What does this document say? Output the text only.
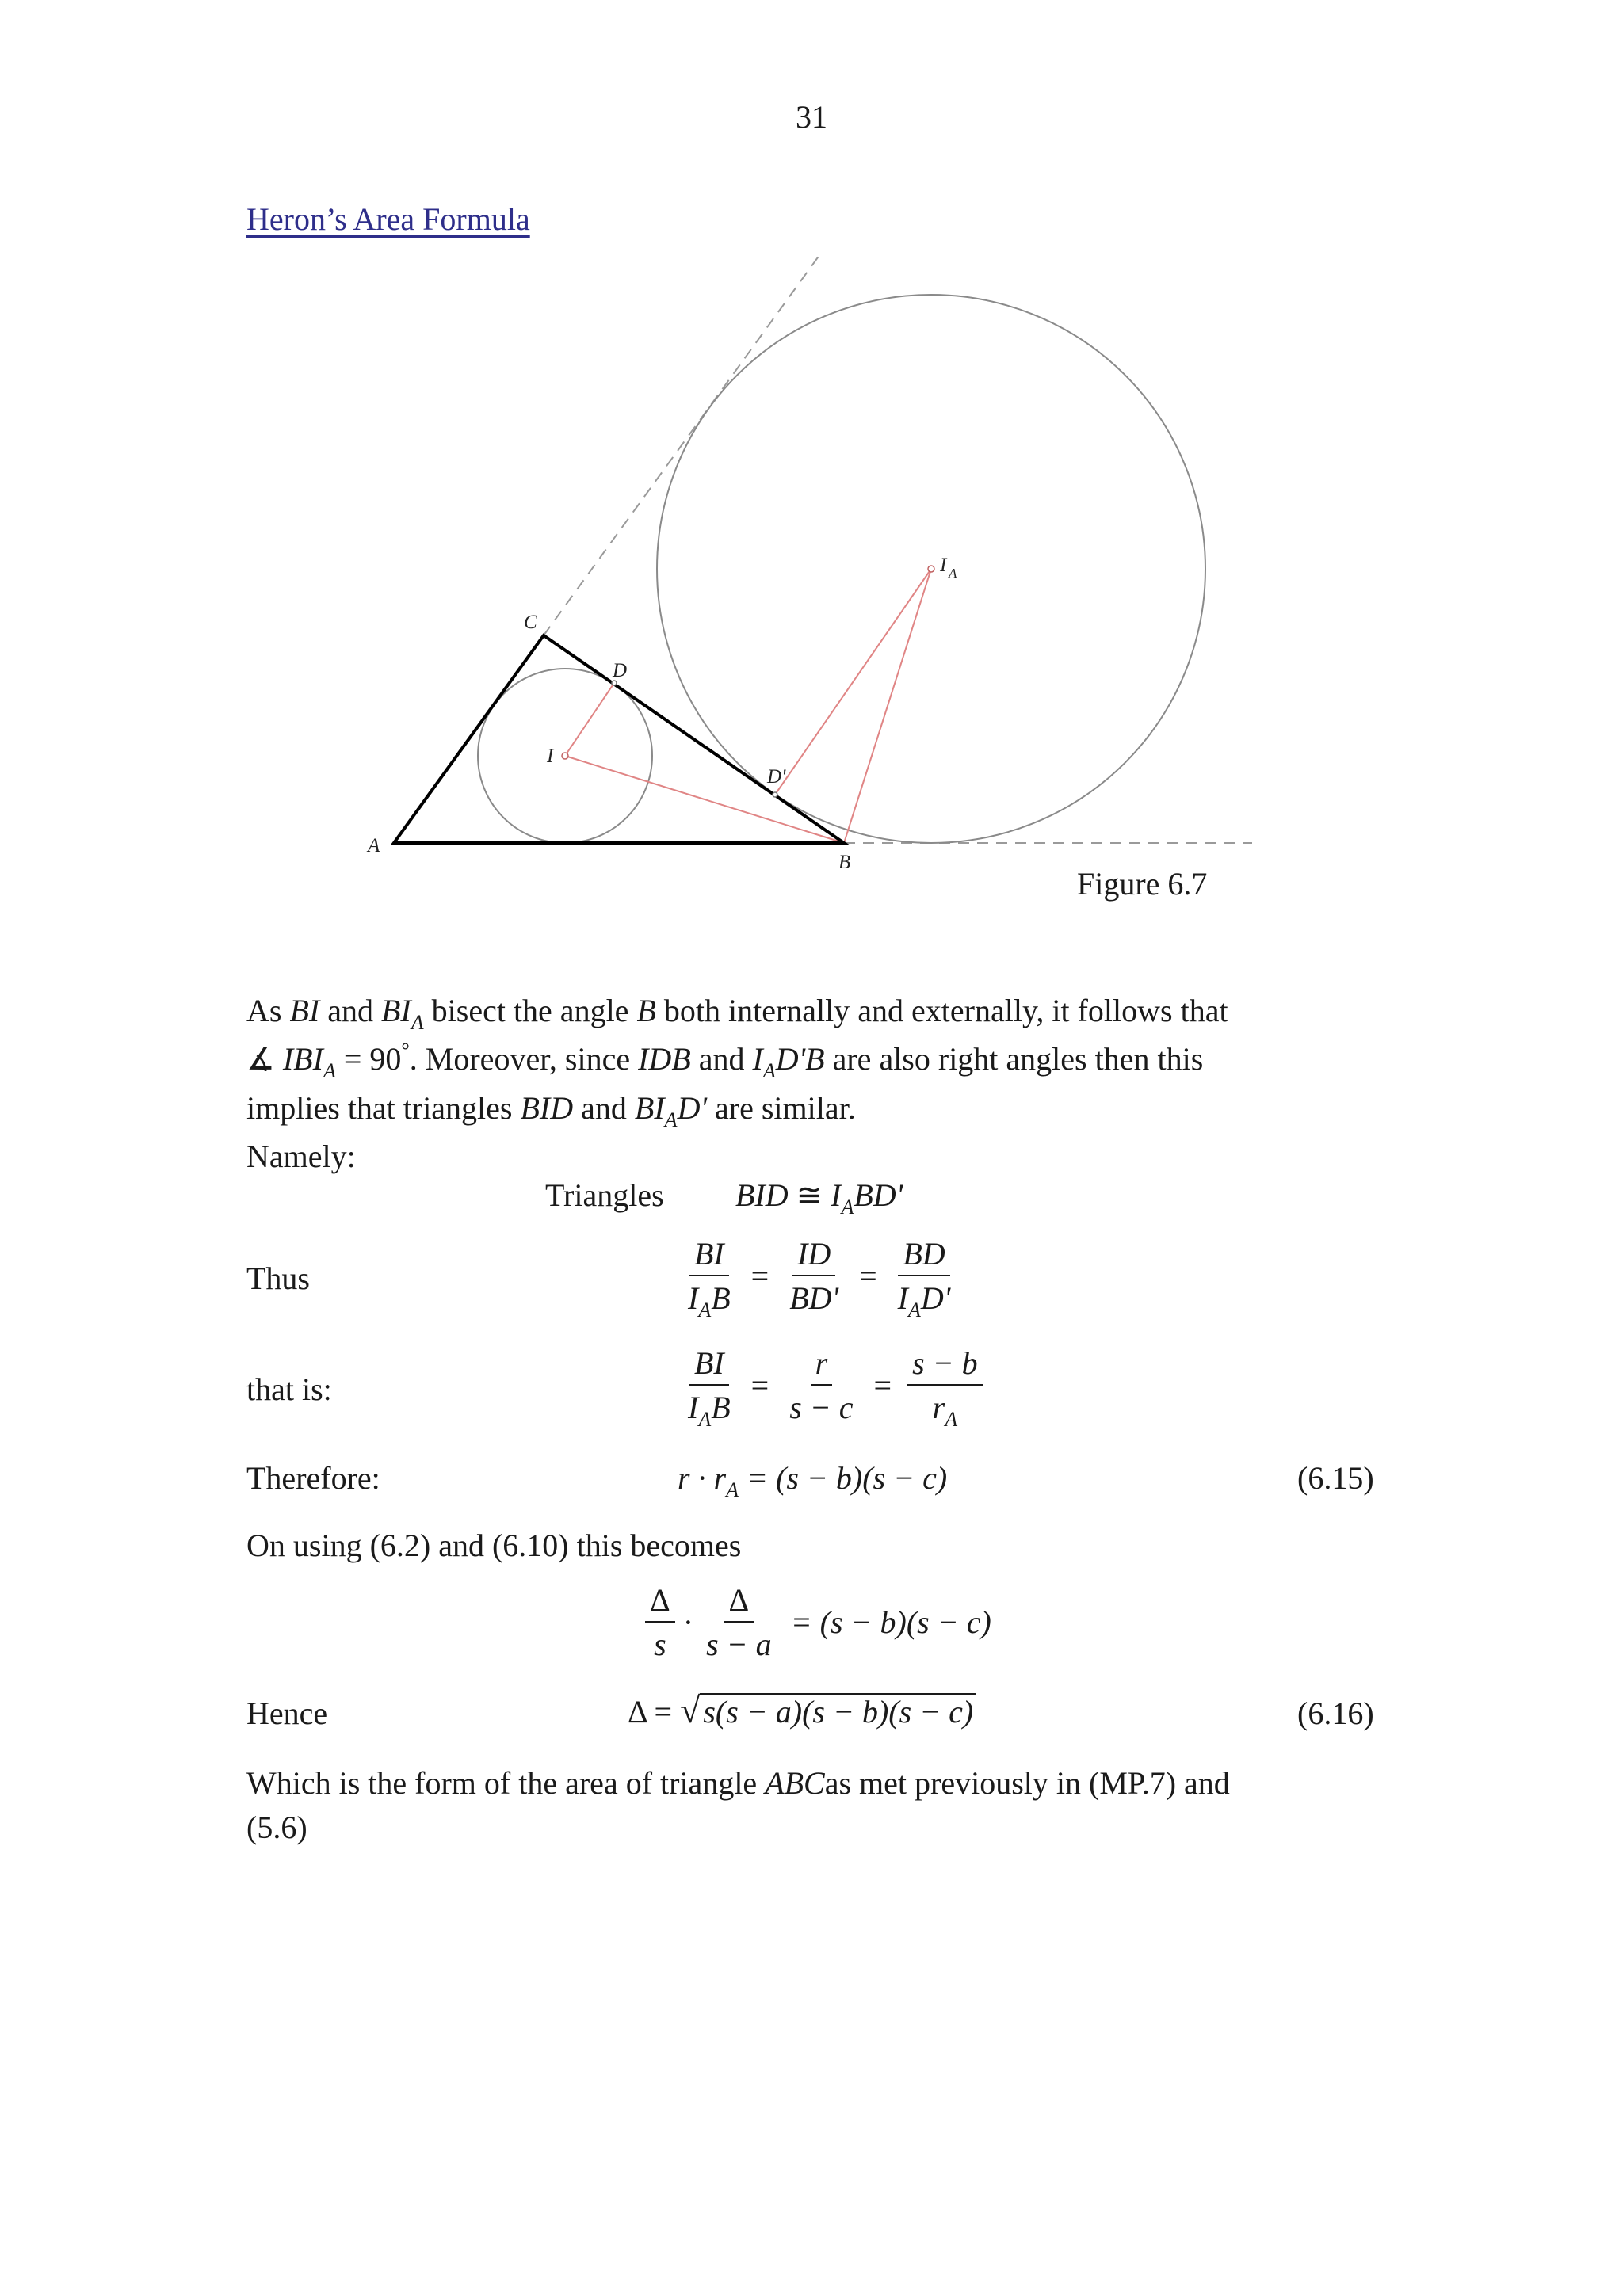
31
Heron’s Area Formula
A
B
C
D
D'
I
I A
Figure 6.7
As BI and $BI_A$ bisect the angle B both internally and externally, it follows that
∡ $IBI_A = 90^\circ$. Moreover, since IDB and $I_AD'B$ are also right angles then this
implies that triangles BID and $BI_AD'$ are similar.
Namely:
Triangles BID ≅ $I_ABD'$
Thus	$\frac{BI}{I_AB} = \frac{ID}{BD'} = \frac{BD}{I_AD'}$
that is:	$\frac{BI}{I_AB} = \frac{r}{s - c} = \frac{s - b}{r_A}$
Therefore:	$r \cdot r_A = (s - b)(s - c)$	(6.15)
On using (6.2) and (6.10) this becomes
$\frac{\Delta}{s} \cdot \frac{\Delta}{s - a} = (s - b)(s - c)$
Hence	Δ = √ s(s − a)(s − b)(s − c)	(6.16)
Which is the form of the area of triangle ABCas met previously in (MP.7) and
(5.6)
